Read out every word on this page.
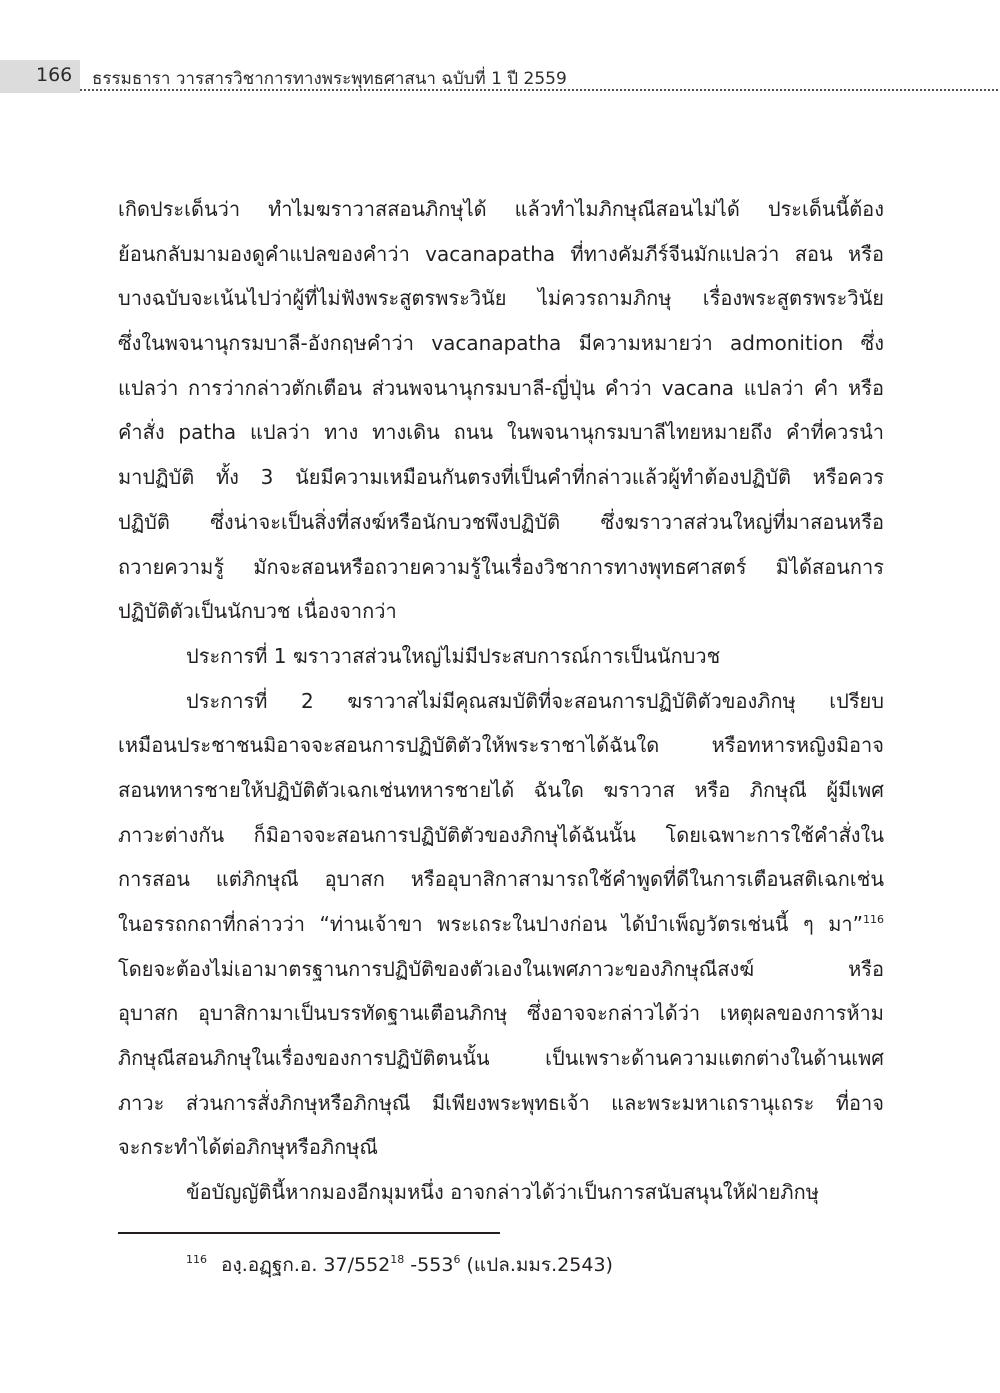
166 ธรรมธารา วารสารวิชาการทางพระพุทธศาสนา ฉบับที่ 1 ปี 2559
เกิดประเด็นว่า ทำไมฆราวาสสอนภิกษุได้ แล้วทำไมภิกษุณีสอนไม่ได้ ประเด็นนี้ต้อง
ย้อนกลับมามองดูคำแปลของคำว่า vacanapatha ที่ทางคัมภีร์จีนมักแปลว่า สอน หรือ
บางฉบับจะเน้นไปว่าผู้ที่ไม่ฟังพระสูตรพระวินัย ไม่ควรถามภิกษุ เรื่องพระสูตรพระวินัย
ซึ่งในพจนานุกรมบาลี-อังกฤษคำว่า vacanapatha มีความหมายว่า admonition ซึ่ง
แปลว่า การว่ากล่าวตักเตือน ส่วนพจนานุกรมบาลี-ญี่ปุ่น คำว่า vacana แปลว่า คำ หรือ
คำสั่ง patha แปลว่า ทาง ทางเดิน ถนน ในพจนานุกรมบาลีไทยหมายถึง คำที่ควรนำ
มาปฏิบัติ ทั้ง 3 นัยมีความเหมือนกันตรงที่เป็นคำที่กล่าวแล้วผู้ทำต้องปฏิบัติ หรือควร
ปฏิบัติ ซึ่งน่าจะเป็นสิ่งที่สงฆ์หรือนักบวชพึงปฏิบัติ ซึ่งฆราวาสส่วนใหญ่ที่มาสอนหรือ
ถวายความรู้ มักจะสอนหรือถวายความรู้ในเรื่องวิชาการทางพุทธศาสตร์ มิได้สอนการ
ปฏิบัติตัวเป็นนักบวช เนื่องจากว่า
ประการที่ 1 ฆราวาสส่วนใหญ่ไม่มีประสบการณ์การเป็นนักบวช
ประการที่ 2 ฆราวาสไม่มีคุณสมบัติที่จะสอนการปฏิบัติตัวของภิกษุ เปรียบ
เหมือนประชาชนมิอาจจะสอนการปฏิบัติตัวให้พระราชาได้ฉันใด	หรือทหารหญิงมิอาจ
สอนทหารชายให้ปฏิบัติตัวเฉกเช่นทหารชายได้ ฉันใด ฆราวาส หรือ ภิกษุณี ผู้มีเพศ
ภาวะต่างกัน ก็มิอาจจะสอนการปฏิบัติตัวของภิกษุได้ฉันนั้น โดยเฉพาะการใช้คำสั่งใน
การสอน แต่ภิกษุณี อุบาสก หรืออุบาสิกาสามารถใช้คำพูดที่ดีในการเตือนสติเฉกเช่น
ในอรรถกถาที่กล่าวว่า “ท่านเจ้าขา พระเถระในปางก่อน ได้บำเพ็ญวัตรเช่นนี้ ๆ มา”$^{116}$
โดยจะต้องไม่เอามาตรฐานการปฏิบัติของตัวเองในเพศภาวะของภิกษุณีสงฆ์	หรือ
อุบาสก อุบาสิกามาเป็นบรรทัดฐานเตือนภิกษุ ซึ่งอาจจะกล่าวได้ว่า เหตุผลของการห้าม
ภิกษุณีสอนภิกษุในเรื่องของการปฏิบัติตนนั้น	เป็นเพราะด้านความแตกต่างในด้านเพศ
ภาวะ ส่วนการสั่งภิกษุหรือภิกษุณี มีเพียงพระพุทธเจ้า และพระมหาเถรานุเถระ ที่อาจ
จะกระทำได้ต่อภิกษุหรือภิกษุณี
ข้อบัญญัตินี้หากมองอีกมุมหนึ่ง อาจกล่าวได้ว่าเป็นการสนับสนุนให้ฝ่ายภิกษุ
$^{116}$ องฺ.อฏฺฐก.อ. $37/552^{18}$ $-553^6$ (แปล.มมร.2543)
